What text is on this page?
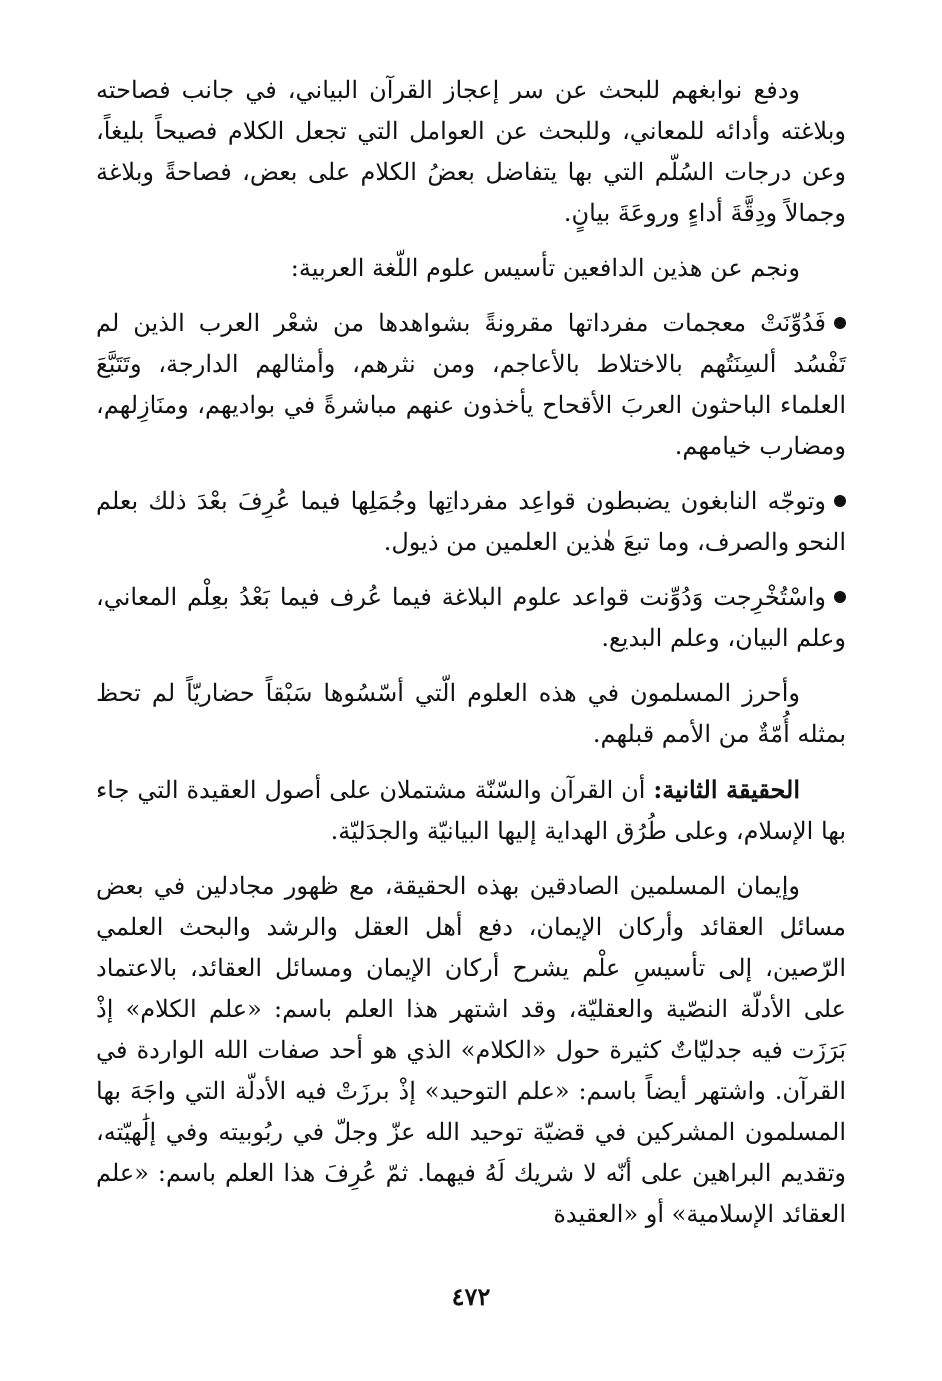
ودفع نوابغهم للبحث عن سر إعجاز القرآن البياني، في جانب فصاحته وبلاغته وأدائه للمعاني، وللبحث عن العوامل التي تجعل الكلام فصيحاً بليغاً، وعن درجات السُلّم التي بها يتفاضل بعضُ الكلام على بعض، فصاحةً وبلاغة وجمالاً ودِقَّةَ أداءٍ وروعَةَ بيانٍ.

ونجم عن هذين الدافعين تأسيس علوم اللّغة العربية:

فَدُوِّنَتْ معجمات مفرداتها مقرونةً بشواهدها من شعْر العرب الذين لم تَفْسُد ألسِنَتُهم بالاختلاط بالأعاجم، ومن نثرهم، وأمثالهم الدارجة، وتَتَبَّعَ العلماء الباحثون العربَ الأقحاح يأخذون عنهم مباشرةً في بواديهم، ومنَازِلهم، ومضارب خيامهم.

وتوجّه النابغون يضبطون قواعِد مفرداتِها وجُمَلِها فيما عُرِفَ بعْدَ ذلك بعلم النحو والصرف، وما تبعَ هٰذين العلمين من ذيول.

واسْتُخْرِجت وَدُوِّنت قواعد علوم البلاغة فيما عُرف فيما بَعْدُ بعِلْم المعاني، وعلم البيان، وعلم البديع.

وأحرز المسلمون في هذه العلوم الّتي أسّسُوها سَبْقاً حضاريّاً لم تحظ بمثله أُمّةٌ من الأمم قبلهم.

الحقيقة الثانية: أن القرآن والسّنّة مشتملان على أصول العقيدة التي جاء بها الإسلام، وعلى طُرُق الهداية إليها البيانيّة والجدَليّة.

وإيمان المسلمين الصادقين بهذه الحقيقة، مع ظهور مجادلين في بعض مسائل العقائد وأركان الإيمان، دفع أهل العقل والرشد والبحث العلمي الرّصين، إلى تأسيسِ علْم يشرح أركان الإيمان ومسائل العقائد، بالاعتماد على الأدلّة النصّية والعقليّة، وقد اشتهر هذا العلم باسم: «علم الكلام» إذْ بَرَزَت فيه جدليّاتٌ كثيرة حول «الكلام» الذي هو أحد صفات الله الواردة في القرآن. واشتهر أيضاً باسم: «علم التوحيد» إذْ برزَتْ فيه الأدلّة التي واجَهَ بها المسلمون المشركين في قضيّة توحيد الله عزّ وجلّ في ربُوبيته وفي إلَٰهيّته، وتقديم البراهين على أنّه لا شريك لَهُ فيهما. ثمّ عُرِفَ هذا العلم باسم: «علم العقائد الإسلامية» أو «العقيدة

٤٧٢
